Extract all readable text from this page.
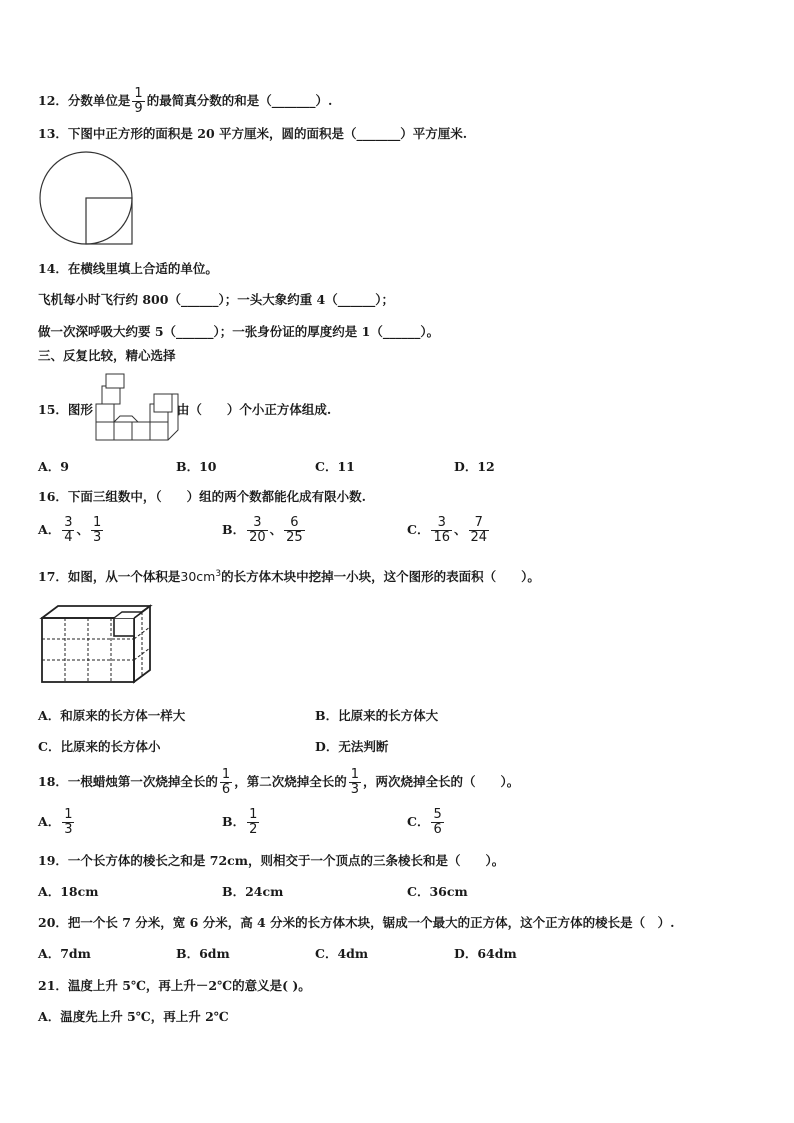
12．分数单位是 $\frac{1}{9}$ 的最简真分数的和是（_______）.
13．下图中正方形的面积是 20 平方厘米，圆的面积是（_______）平方厘米.
14．在横线里填上合适的单位。
飞机每小时飞行约 800（______）；一头大象约重 4（______）；
做一次深呼吸大约要 5（______）；一张身份证的厚度约是 1（______）。
三、反复比较，精心选择
15．图形	由（　　）个小正方体组成.
A．9	B．10	C．11	D．12
16．下面三组数中，（　　）组的两个数都能化成有限小数.
A． $\frac{3}{4}$ 、 $\frac{1}{3}$	B． $\frac{3}{20}$ 、 $\frac{6}{25}$	C． $\frac{3}{16}$ 、 $\frac{7}{24}$
17．如图，从一个体积是$30cm^3$的长方体木块中挖掉一小块，这个图形的表面积（　　）。
A．和原来的长方体一样大	B．比原来的长方体大
C．比原来的长方体小	D．无法判断
18．一根蜡烛第一次烧掉全长的 $\frac{1}{6}$ ，第二次烧掉全长的 $\frac{1}{3}$ ，两次烧掉全长的（　　）。
A． $\frac{1}{3}$	B． $\frac{1}{2}$	C． $\frac{5}{6}$
19．一个长方体的棱长之和是 72cm，则相交于一个顶点的三条棱长和是（　　）。
A．18cm	B．24cm	C．36cm
20．把一个长 7 分米，宽 6 分米，高 4 分米的长方体木块，锯成一个最大的正方体，这个正方体的棱长是（　）.
A．7dm	B．6dm	C．4dm	D．64dm
21．温度上升 5℃，再上升－2℃的意义是( )。
A．温度先上升 5℃，再上升 2℃
